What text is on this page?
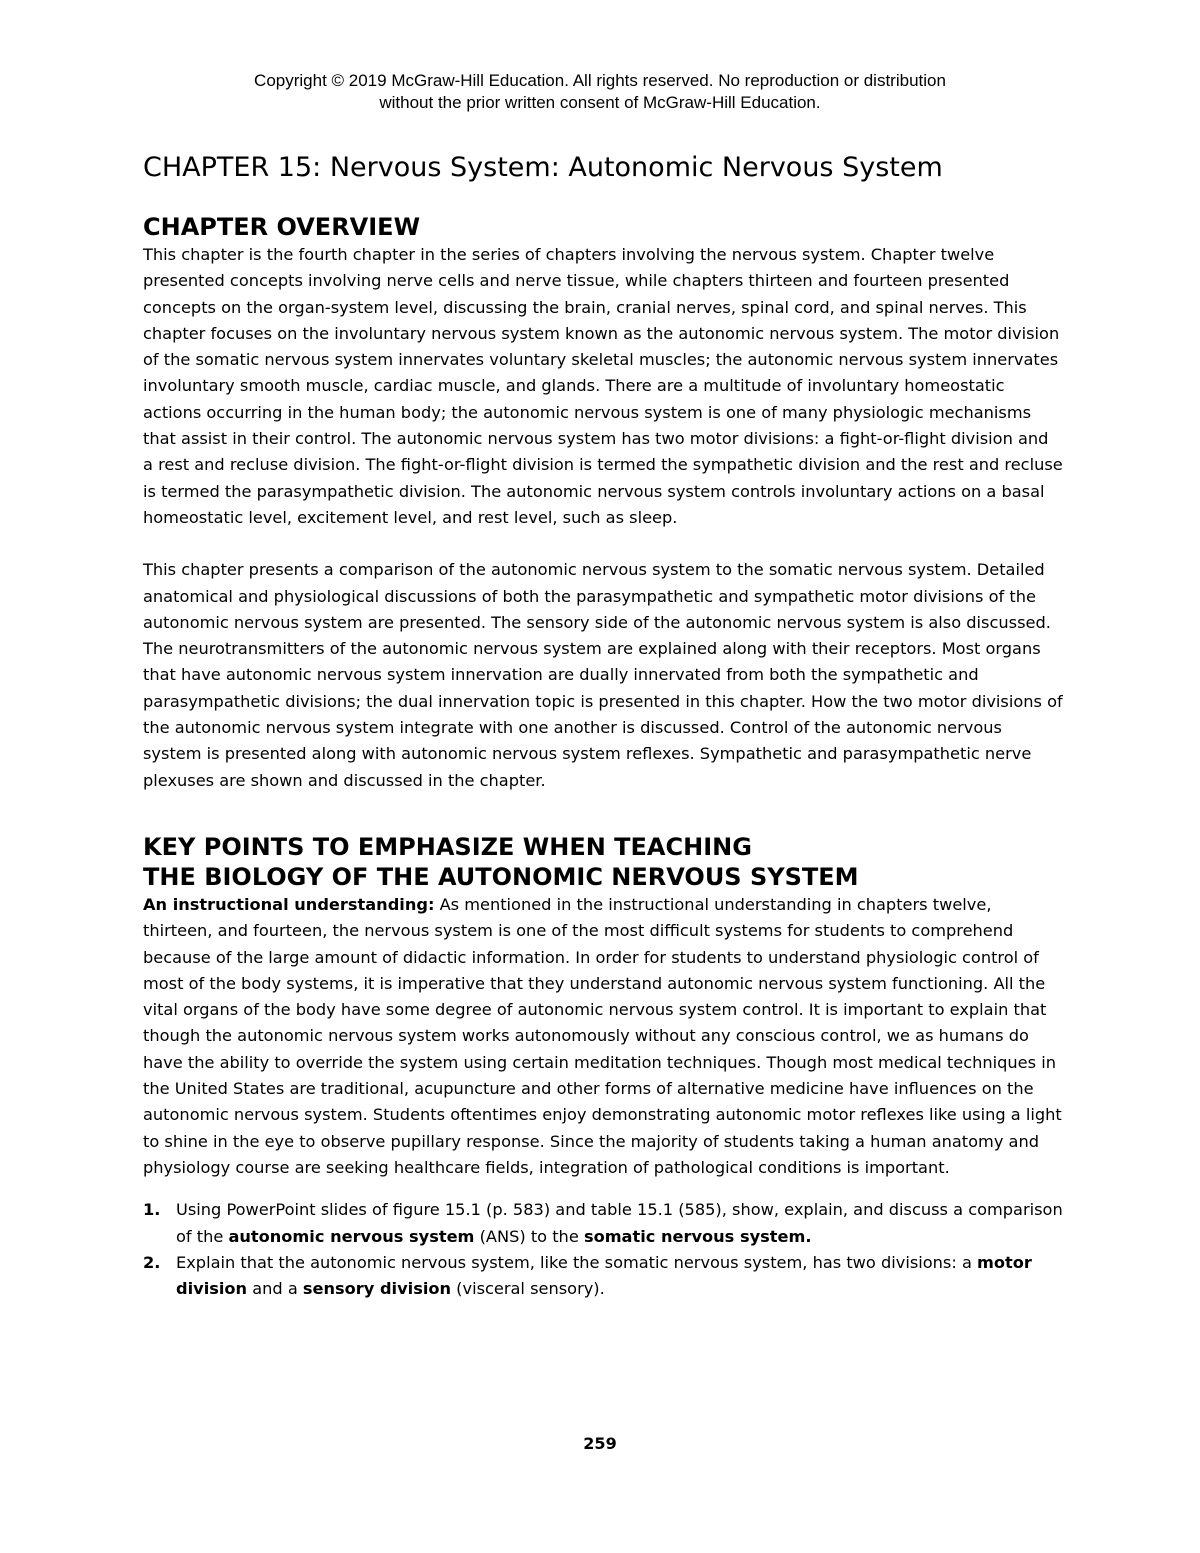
Copyright © 2019 McGraw-Hill Education. All rights reserved. No reproduction or distribution
without the prior written consent of McGraw-Hill Education.
CHAPTER 15: Nervous System: Autonomic Nervous System
CHAPTER OVERVIEW

This chapter is the fourth chapter in the series of chapters involving the nervous system. Chapter twelve presented concepts involving nerve cells and nerve tissue, while chapters thirteen and fourteen presented concepts on the organ-system level, discussing the brain, cranial nerves, spinal cord, and spinal nerves. This chapter focuses on the involuntary nervous system known as the autonomic nervous system. The motor division of the somatic nervous system innervates voluntary skeletal muscles; the autonomic nervous system innervates involuntary smooth muscle, cardiac muscle, and glands. There are a multitude of involuntary homeostatic actions occurring in the human body; the autonomic nervous system is one of many physiologic mechanisms that assist in their control. The autonomic nervous system has two motor divisions: a fight-or-flight division and a rest and recluse division. The fight-or-flight division is termed the sympathetic division and the rest and recluse is termed the parasympathetic division. The autonomic nervous system controls involuntary actions on a basal homeostatic level, excitement level, and rest level, such as sleep.

This chapter presents a comparison of the autonomic nervous system to the somatic nervous system. Detailed anatomical and physiological discussions of both the parasympathetic and sympathetic motor divisions of the autonomic nervous system are presented. The sensory side of the autonomic nervous system is also discussed. The neurotransmitters of the autonomic nervous system are explained along with their receptors. Most organs that have autonomic nervous system innervation are dually innervated from both the sympathetic and parasympathetic divisions; the dual innervation topic is presented in this chapter. How the two motor divisions of the autonomic nervous system integrate with one another is discussed. Control of the autonomic nervous system is presented along with autonomic nervous system reflexes. Sympathetic and parasympathetic nerve plexuses are shown and discussed in the chapter.

KEY POINTS TO EMPHASIZE WHEN TEACHING
THE BIOLOGY OF THE AUTONOMIC NERVOUS SYSTEM

An instructional understanding: As mentioned in the instructional understanding in chapters twelve, thirteen, and fourteen, the nervous system is one of the most difficult systems for students to comprehend because of the large amount of didactic information. In order for students to understand physiologic control of most of the body systems, it is imperative that they understand autonomic nervous system functioning. All the vital organs of the body have some degree of autonomic nervous system control. It is important to explain that though the autonomic nervous system works autonomously without any conscious control, we as humans do have the ability to override the system using certain meditation techniques. Though most medical techniques in the United States are traditional, acupuncture and other forms of alternative medicine have influences on the autonomic nervous system. Students oftentimes enjoy demonstrating autonomic motor reflexes like using a light to shine in the eye to observe pupillary response. Since the majority of students taking a human anatomy and physiology course are seeking healthcare fields, integration of pathological conditions is important.

1. Using PowerPoint slides of figure 15.1 (p. 583) and table 15.1 (585), show, explain, and discuss a comparison of the autonomic nervous system (ANS) to the somatic nervous system.
2. Explain that the autonomic nervous system, like the somatic nervous system, has two divisions: a motor division and a sensory division (visceral sensory).
259
